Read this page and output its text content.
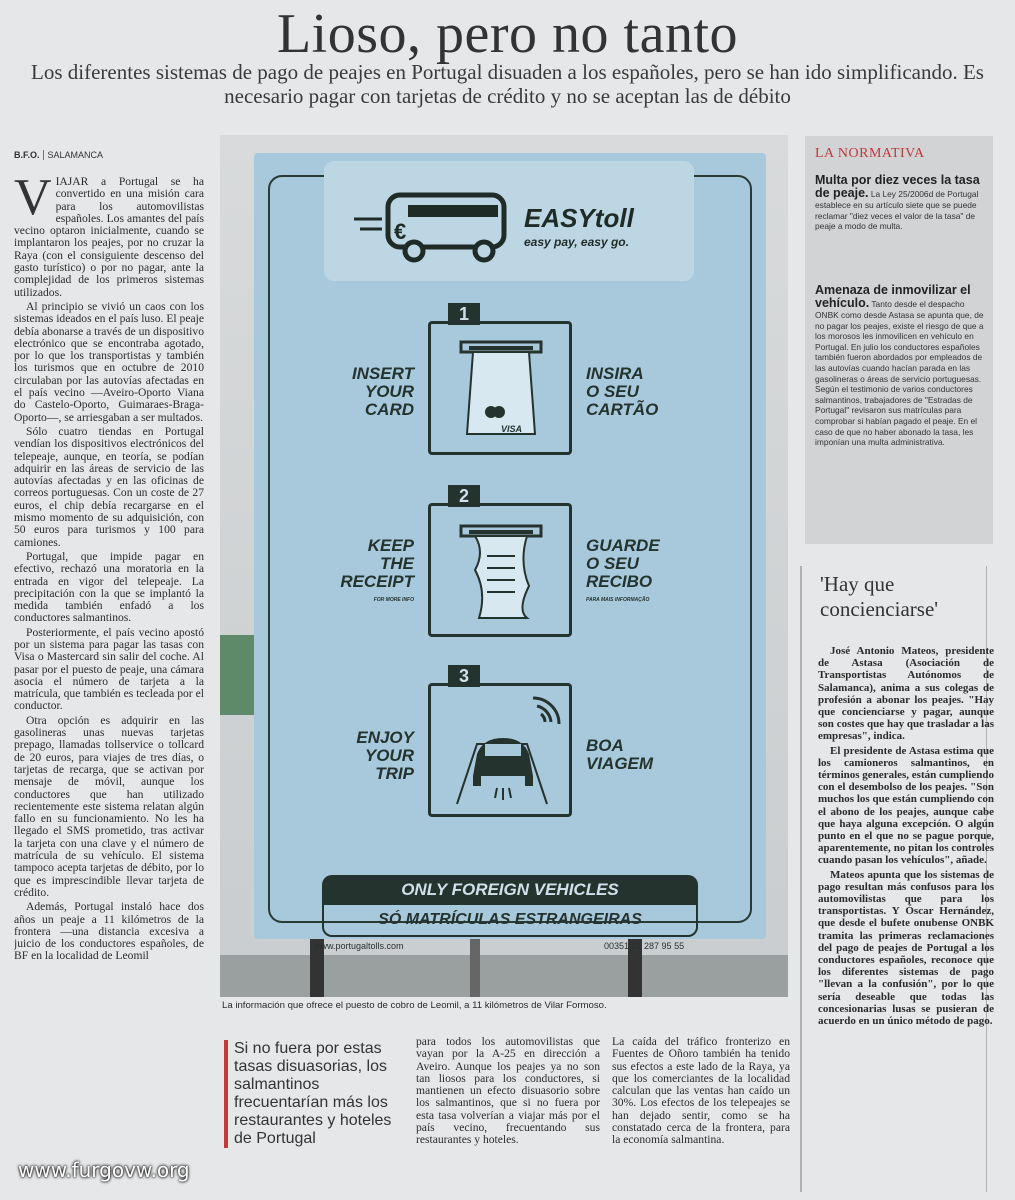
Lioso, pero no tanto
Los diferentes sistemas de pago de peajes en Portugal disuaden a los españoles, pero se han ido simplificando. Es necesario pagar con tarjetas de crédito y no se aceptan las de débito
B.F.O. SALAMANCA

VIAJAR a Portugal se ha convertido en una misión cara para los automovilistas españoles. Los amantes del país vecino optaron inicialmente, cuando se implantaron los peajes, por no cruzar la Raya (con el consiguiente descenso del gasto turístico) o por no pagar, ante la complejidad de los primeros sistemas utilizados.

Al principio se vivió un caos con los sistemas ideados en el país luso. El peaje debía abonarse a través de un dispositivo electrónico que se encontraba agotado, por lo que los transportistas y también los turismos que en octubre de 2010 circulaban por las autovías afectadas en el país vecino —Aveiro-Oporto Viana do Castelo-Oporto, Guimaraes-Braga-Oporto—, se arriesgaban a ser multados.

Sólo cuatro tiendas en Portugal vendían los dispositivos electrónicos del telepeaje, aunque, en teoría, se podían adquirir en las áreas de servicio de las autovías afectadas y en las oficinas de correos portuguesas. Con un coste de 27 euros, el chip debía recargarse en el mismo momento de su adquisición, con 50 euros para turismos y 100 para camiones.

Portugal, que impide pagar en efectivo, rechazó una moratoria en la entrada en vigor del telepeaje. La precipitación con la que se implantó la medida también enfadó a los conductores salmantinos.

Posteriormente, el país vecino apostó por un sistema para pagar las tasas con Visa o Mastercard sin salir del coche. Al pasar por el puesto de peaje, una cámara asocia el número de tarjeta a la matrícula, que también es tecleada por el conductor.

Otra opción es adquirir en las gasolineras unas nuevas tarjetas prepago, llamadas tollservice o tollcard de 20 euros, para viajes de tres días, o tarjetas de recarga, que se activan por mensaje de móvil, aunque los conductores que han utilizado recientemente este sistema relatan algún fallo en su funcionamiento. No les ha llegado el SMS prometido, tras activar la tarjeta con una clave y el número de matrícula de su vehículo. El sistema tampoco acepta tarjetas de débito, por lo que es imprescindible llevar tarjeta de crédito.

Además, Portugal instaló hace dos años un peaje a 11 kilómetros de la frontera —una distancia excesiva a juicio de los conductores españoles, de BF en la localidad de Leomil

€	EASYtoll
easy pay, easy go.
1
VISA
INSERT
YOUR
CARD
INSIRA
O SEU
CARTÃO
2
KEEP
THE
RECEIPT
FOR MORE INFO
GUARDE
O SEU
RECIBO
PARA MAIS INFORMAÇÃO
3
ENJOY
YOUR
TRIP
BOA
VIAGEM
ONLY FOREIGN VEHICLES
SÓ MATRÍCULAS ESTRANGEIRAS
www.portugaltolls.com	00351 21 287 95 55
La información que ofrece el puesto de cobro de Leomil, a 11 kilómetros de Vilar Formoso.
Si no fuera por estas tasas disuasorias, los salmantinos frecuentarían más los restaurantes y hoteles de Portugal
para todos los automovilistas que vayan por la A-25 en dirección a Aveiro. Aunque los peajes ya no son tan liosos para los conductores, si mantienen un efecto disuasorio sobre los salmantinos, que si no fuera por esta tasa volverían a viajar más por el país vecino, frecuentando sus restaurantes y hoteles.
La caída del tráfico fronterizo en Fuentes de Oñoro también ha tenido sus efectos a este lado de la Raya, ya que los comerciantes de la localidad calculan que las ventas han caído un 30%. Los efectos de los telepeajes se han dejado sentir, como se ha constatado cerca de la frontera, para la economía salmantina.
LA NORMATIVA
Multa por diez veces la tasa de peaje. La Ley 25/2006d de Portugal establece en su artículo siete que se puede reclamar "diez veces el valor de la tasa" de peaje a modo de multa.
Amenaza de inmovilizar el vehículo. Tanto desde el despacho ONBK como desde Astasa se apunta que, de no pagar los peajes, existe el riesgo de que a los morosos les inmovilicen en vehículo en Portugal. En julio los conductores españoles también fueron abordados por empleados de las autovías cuando hacían parada en las gasolineras o áreas de servicio portuguesas. Según el testimonio de varios conductores salmantinos, trabajadores de "Estradas de Portugal" revisaron sus matrículas para comprobar si habían pagado el peaje. En el caso de que no haber abonado la tasa, les imponían una multa administrativa.
'Hay que concienciarse'

José Antonio Mateos, presidente de Astasa (Asociación de Transportistas Autónomos de Salamanca), anima a sus colegas de profesión a abonar los peajes. "Hay que concienciarse y pagar, aunque son costes que hay que trasladar a las empresas", indica.

El presidente de Astasa estima que los camioneros salmantinos, en términos generales, están cumpliendo con el desembolso de los peajes. "Son muchos los que están cumpliendo con el abono de los peajes, aunque cabe que haya alguna excepción. O algún punto en el que no se pague porque, aparentemente, no pitan los controles cuando pasan los vehículos", añade.

Mateos apunta que los sistemas de pago resultan más confusos para los automovilistas que para los transportistas. Y Óscar Hernández, que desde el bufete onubense ONBK tramita las primeras reclamaciones del pago de peajes de Portugal a los conductores españoles, reconoce que los diferentes sistemas de pago "llevan a la confusión", por lo que sería deseable que todas las concesionarias lusas se pusieran de acuerdo en un único método de pago.

www.furgovw.org
